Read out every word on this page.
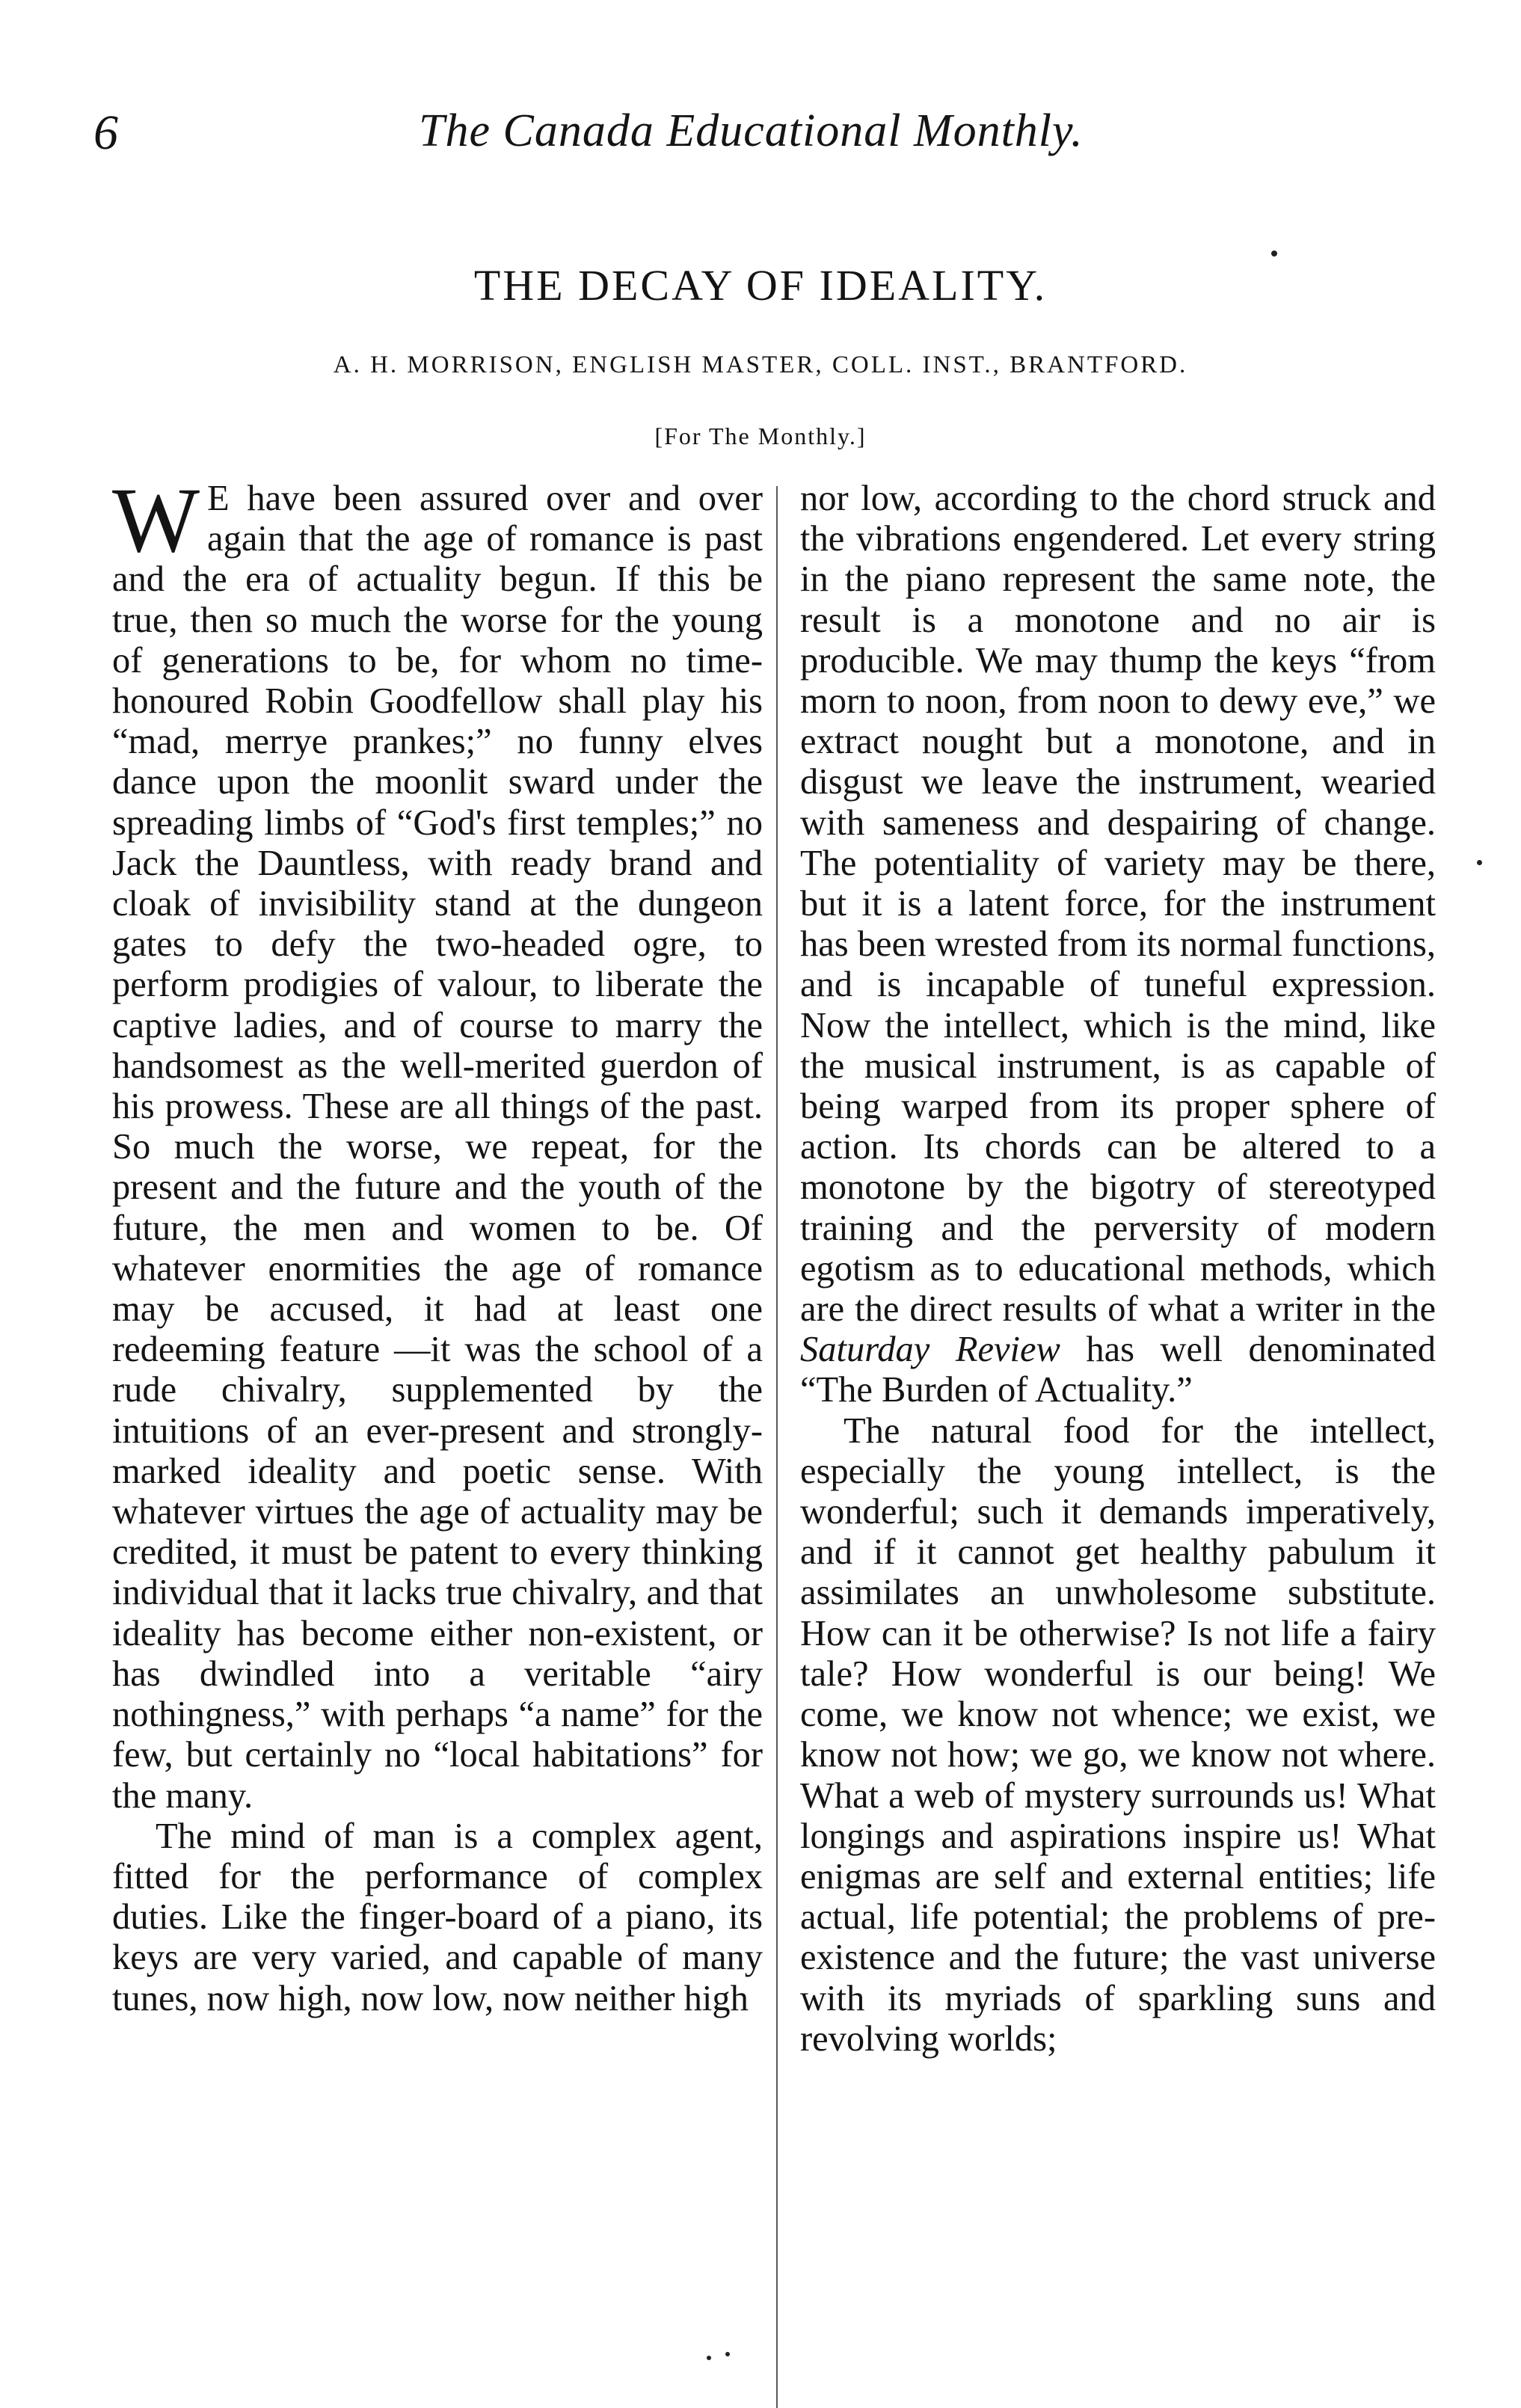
6	The Canada Educational Monthly.
THE DECAY OF IDEALITY.
A. H. MORRISON, ENGLISH MASTER, COLL. INST., BRANTFORD.
[For The Monthly.]

W E have been assured over and over again that the age of romance is past and the era of actuality begun. If this be true, then so much the worse for the young of generations to be, for whom no time-honoured Robin Goodfellow shall play his “mad, merrye prankes;” no funny elves dance upon the moonlit sward under the spreading limbs of “God's first temples;” no Jack the Dauntless, with ready brand and cloak of invisibility stand at the dungeon gates to defy the two-headed ogre, to perform prodigies of valour, to liberate the captive ladies, and of course to marry the handsomest as the well-merited guerdon of his prowess. These are all things of the past. So much the worse, we repeat, for the present and the future and the youth of the future, the men and women to be. Of whatever enormities the age of romance may be accused, it had at least one redeeming feature —it was the school of a rude chivalry, supplemented by the intuitions of an ever-present and strongly-marked ideality and poetic sense. With whatever virtues the age of actuality may be credited, it must be patent to every thinking individual that it lacks true chivalry, and that ideality has become either non-existent, or has dwindled into a veritable “airy nothingness,” with perhaps “a name” for the few, but certainly no “local habitations” for the many.

The mind of man is a complex agent, fitted for the performance of complex duties. Like the finger-board of a piano, its keys are very varied, and capable of many tunes, now high, now low, now neither high

nor low, according to the chord struck and the vibrations engendered. Let every string in the piano represent the same note, the result is a monotone and no air is producible. We may thump the keys “from morn to noon, from noon to dewy eve,” we extract nought but a monotone, and in disgust we leave the instrument, wearied with sameness and despairing of change. The potentiality of variety may be there, but it is a latent force, for the instrument has been wrested from its normal functions, and is incapable of tuneful expression. Now the intellect, which is the mind, like the musical instrument, is as capable of being warped from its proper sphere of action. Its chords can be altered to a monotone by the bigotry of stereotyped training and the perversity of modern egotism as to educational methods, which are the direct results of what a writer in the Saturday Review has well denominated “The Burden of Actuality.”

The natural food for the intellect, especially the young intellect, is the wonderful; such it demands imperatively, and if it cannot get healthy pabulum it assimilates an unwholesome substitute. How can it be otherwise? Is not life a fairy tale? How wonderful is our being! We come, we know not whence; we exist, we know not how; we go, we know not where. What a web of mystery surrounds us! What longings and aspirations inspire us! What enigmas are self and external entities; life actual, life potential; the problems of pre-existence and the future; the vast universe with its myriads of sparkling suns and revolving worlds;
